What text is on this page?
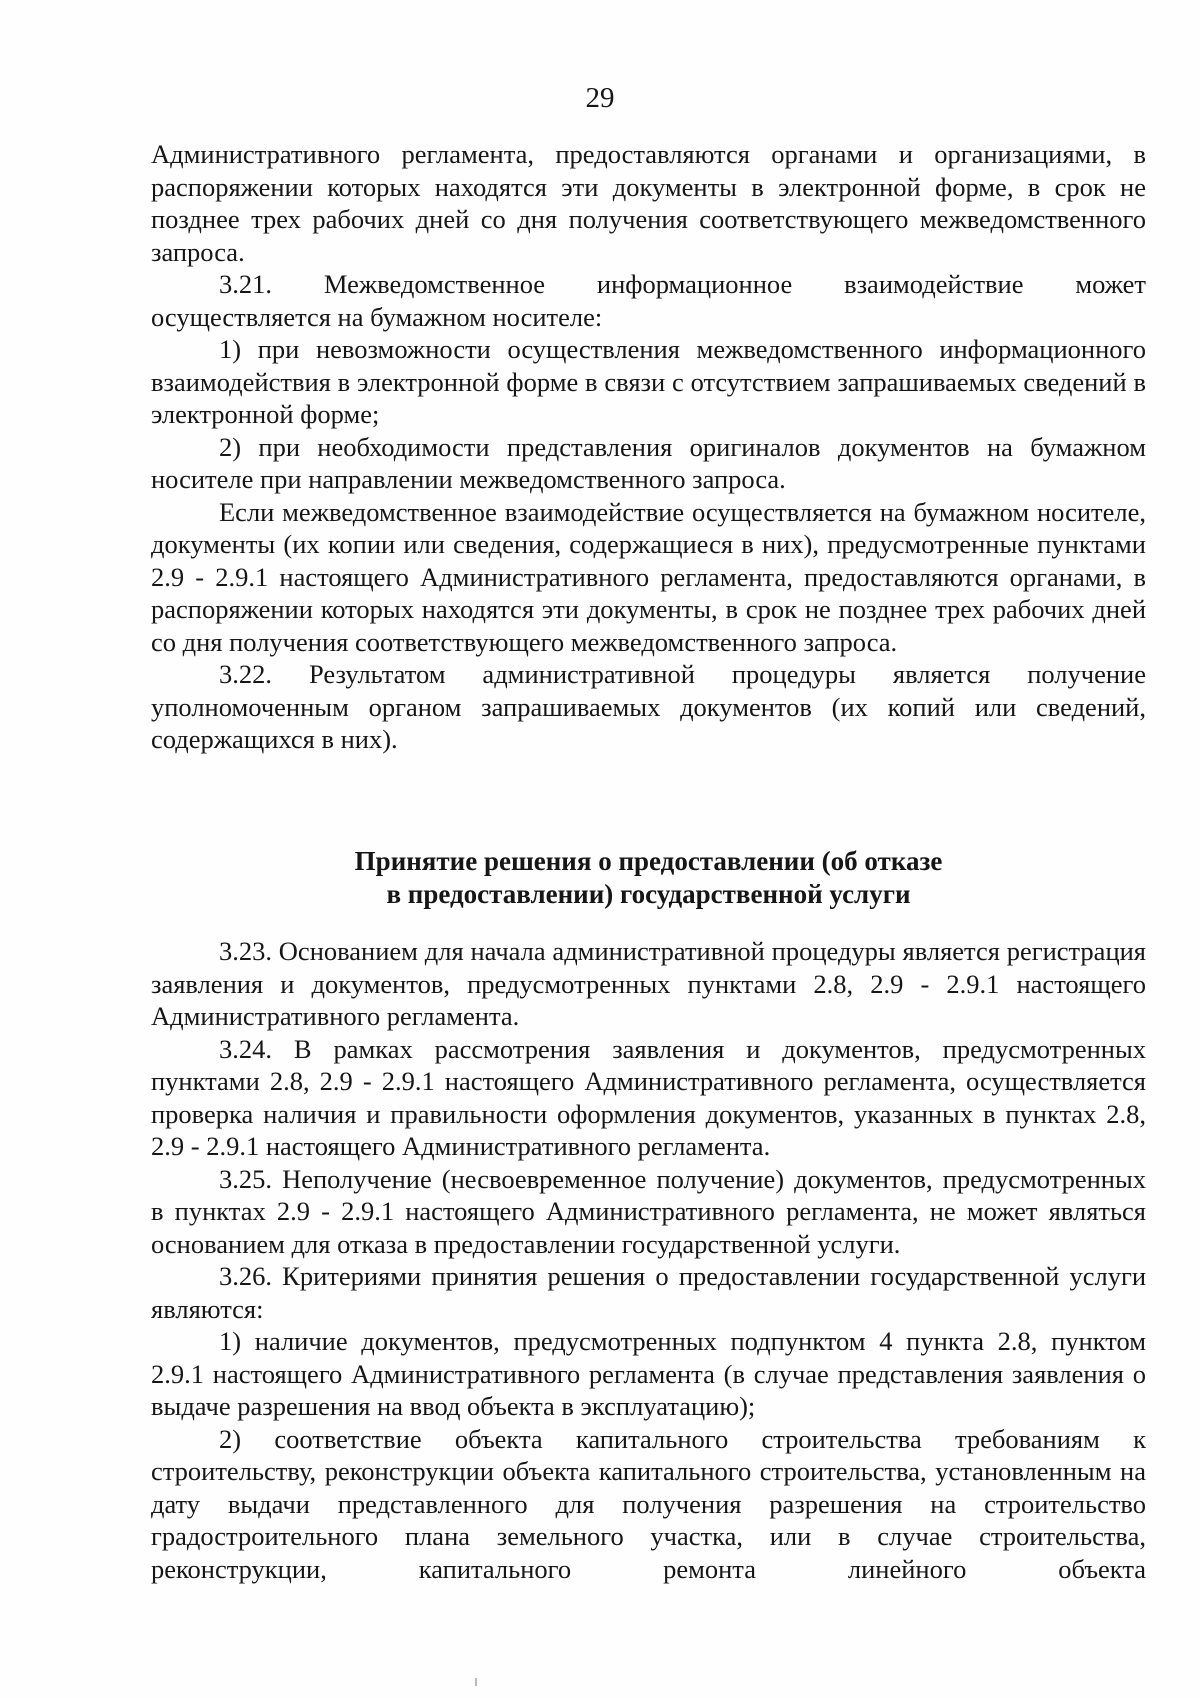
29

Административного регламента, предоставляются органами и организациями, в распоряжении которых находятся эти документы в электронной форме, в срок не позднее трех рабочих дней со дня получения соответствующего межведомственного запроса.

3.21. Межведомственное информационное взаимодействие может осуществляется на бумажном носителе:

1) при невозможности осуществления межведомственного информационного взаимодействия в электронной форме в связи с отсутствием запрашиваемых сведений в электронной форме;

2) при необходимости представления оригиналов документов на бумажном носителе при направлении межведомственного запроса.

Если межведомственное взаимодействие осуществляется на бумажном носителе, документы (их копии или сведения, содержащиеся в них), предусмотренные пунктами 2.9 - 2.9.1 настоящего Административного регламента, предоставляются органами, в распоряжении которых находятся эти документы, в срок не позднее трех рабочих дней со дня получения соответствующего межведомственного запроса.

3.22. Результатом административной процедуры является получение уполномоченным органом запрашиваемых документов (их копий или сведений, содержащихся в них).

Принятие решения о предоставлении (об отказе
в предоставлении) государственной услуги

3.23. Основанием для начала административной процедуры является регистрация заявления и документов, предусмотренных пунктами 2.8, 2.9 - 2.9.1 настоящего Административного регламента.

3.24. В рамках рассмотрения заявления и документов, предусмотренных пунктами 2.8, 2.9 - 2.9.1 настоящего Административного регламента, осуществляется проверка наличия и правильности оформления документов, указанных в пунктах 2.8, 2.9 - 2.9.1 настоящего Административного регламента.

3.25. Неполучение (несвоевременное получение) документов, предусмотренных в пунктах 2.9 - 2.9.1 настоящего Административного регламента, не может являться основанием для отказа в предоставлении государственной услуги.

3.26. Критериями принятия решения о предоставлении государственной услуги являются:

1) наличие документов, предусмотренных подпунктом 4 пункта 2.8, пунктом 2.9.1 настоящего Административного регламента (в случае представления заявления о выдаче разрешения на ввод объекта в эксплуатацию);

2) соответствие объекта капитального строительства требованиям к строительству, реконструкции объекта капитального строительства, установленным на дату выдачи представленного для получения разрешения на строительство градостроительного плана земельного участка, или в случае строительства, реконструкции, капитального ремонта линейного объекта
